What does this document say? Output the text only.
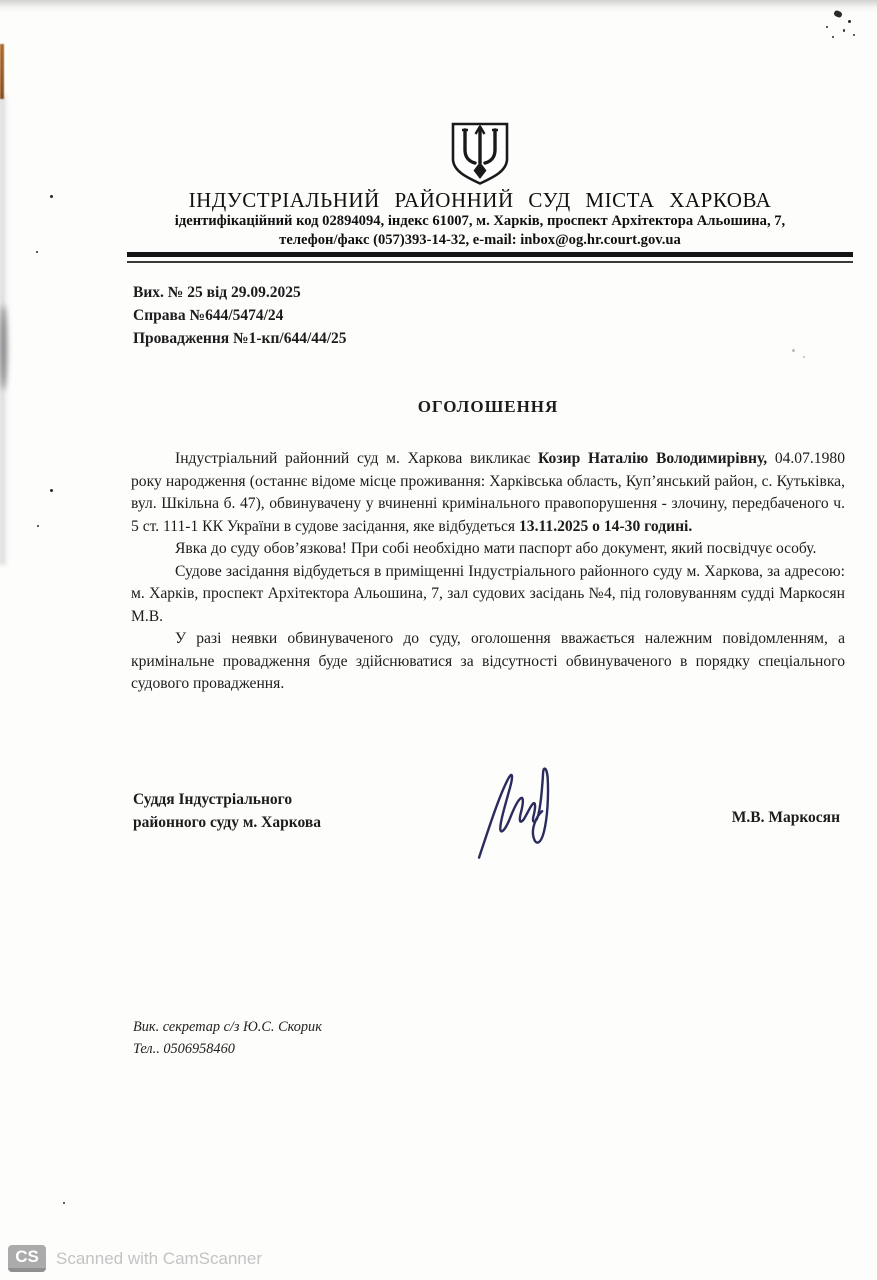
ІНДУСТРІАЛЬНИЙ РАЙОННИЙ СУД МІСТА ХАРКОВА
ідентифікаційний код 02894094, індекс 61007, м. Харків, проспект Архітектора Альошина, 7,
телефон/факс (057)393-14-32, e-mail: inbox@og.hr.court.gov.ua
Вих. № 25 від 29.09.2025
Справа №644/5474/24
Провадження №1-кп/644/44/25
ОГОЛОШЕННЯ

Індустріальний районний суд м. Харкова викликає Козир Наталію Володимирівну, 04.07.1980 року народження (останнє відоме місце проживання: Харківська область, Куп’янський район, с. Кутьківка, вул. Шкільна б. 47), обвинувачену у вчиненні кримінального правопорушення - злочину, передбаченого ч. 5 ст. 111-1 КК України в судове засідання, яке відбудеться 13.11.2025 о 14-30 годині.

Явка до суду обов’язкова! При собі необхідно мати паспорт або документ, який посвідчує особу.

Судове засідання відбудеться в приміщенні Індустріального районного суду м. Харкова, за адресою: м. Харків, проспект Архітектора Альошина, 7, зал судових засідань №4, під головуванням судді Маркосян М.В.

У разі неявки обвинуваченого до суду, оголошення вважається належним повідомленням, а кримінальне провадження буде здійснюватися за відсутності обвинуваченого в порядку спеціального судового провадження.

Суддя Індустріального
районного суду м. Харкова	М.В. Маркосян
Вик. секретар с/з Ю.С. Скорик
Тел.. 0506958460
CS	Scanned with CamScanner
